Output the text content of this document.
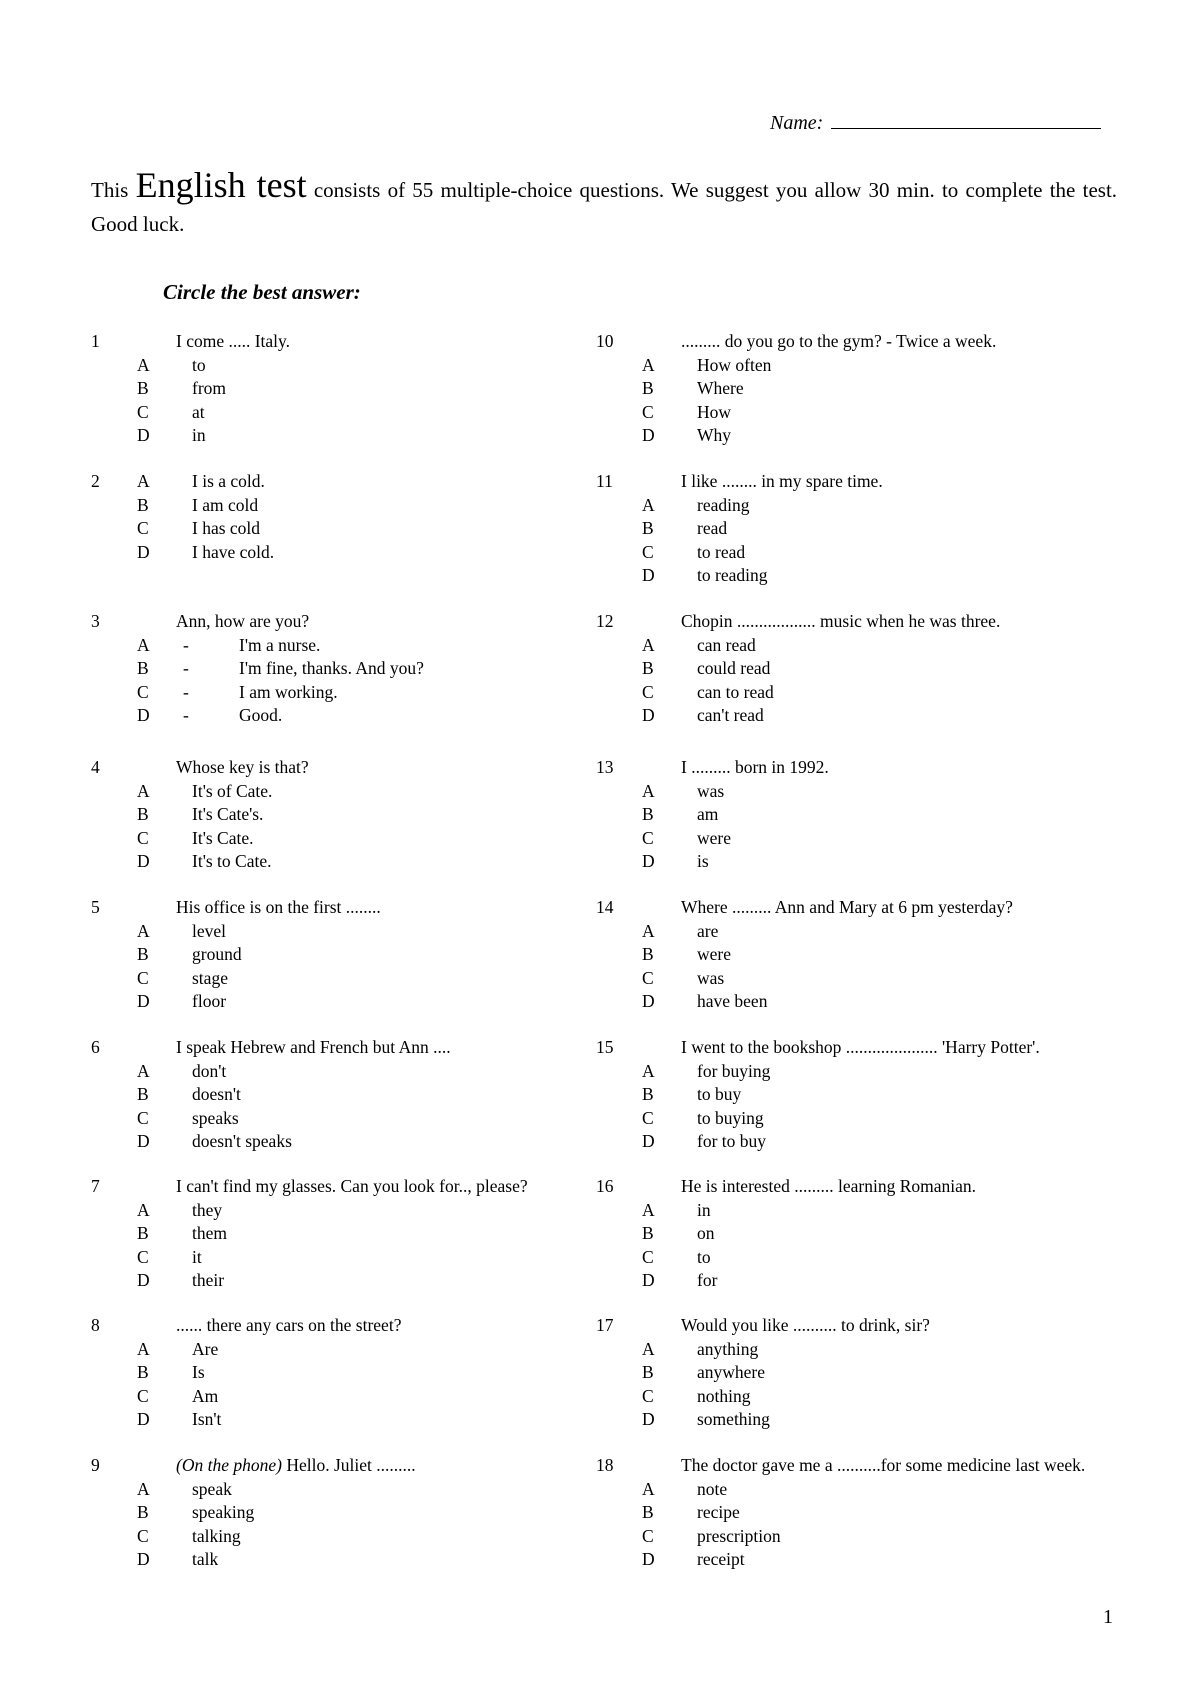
Name:
This English test consists of 55 multiple-choice questions. We suggest you allow 30 min. to complete the test. Good luck.
Circle the best answer:
1	I come ..... Italy.
A to
B from
C at
D in
2 A I is a cold.
B I am cold
C I has cold
D I have cold.
3	Ann, how are you?
A -	I'm a nurse.
B -	I'm fine, thanks. And you?
C -	I am working.
D -	Good.
4	Whose key is that?
A It's of Cate.
B It's Cate's.
C It's Cate.
D It's to Cate.
5	His office is on the first ........
A level
B ground
C stage
D floor
6	I speak Hebrew and French but Ann ....
A don't
B doesn't
C speaks
D doesn't speaks
7	I can't find my glasses. Can you look for.., please?
A they
B them
C it
D their
8	...... there any cars on the street?
A Are
B Is
C Am
D Isn't
9	(On the phone) Hello. Juliet .........
A speak
B speaking
C talking
D talk
10	......... do you go to the gym? - Twice a week.
A How often
B Where
C How
D Why
11	I like ........ in my spare time.
A reading
B read
C to read
D to reading
12	Chopin .................. music when he was three.
A can read
B could read
C can to read
D can't read
13	I ......... born in 1992.
A was
B am
C were
D is
14	Where ......... Ann and Mary at 6 pm yesterday?
A are
B were
C was
D have been
15	I went to the bookshop ..................... 'Harry Potter'.
A for buying
B to buy
C to buying
D for to buy
16	He is interested ......... learning Romanian.
A in
B on
C to
D for
17	Would you like .......... to drink, sir?
A anything
B anywhere
C nothing
D something
18	The doctor gave me a ..........for some medicine last week.
A note
B recipe
C prescription
D receipt
1
